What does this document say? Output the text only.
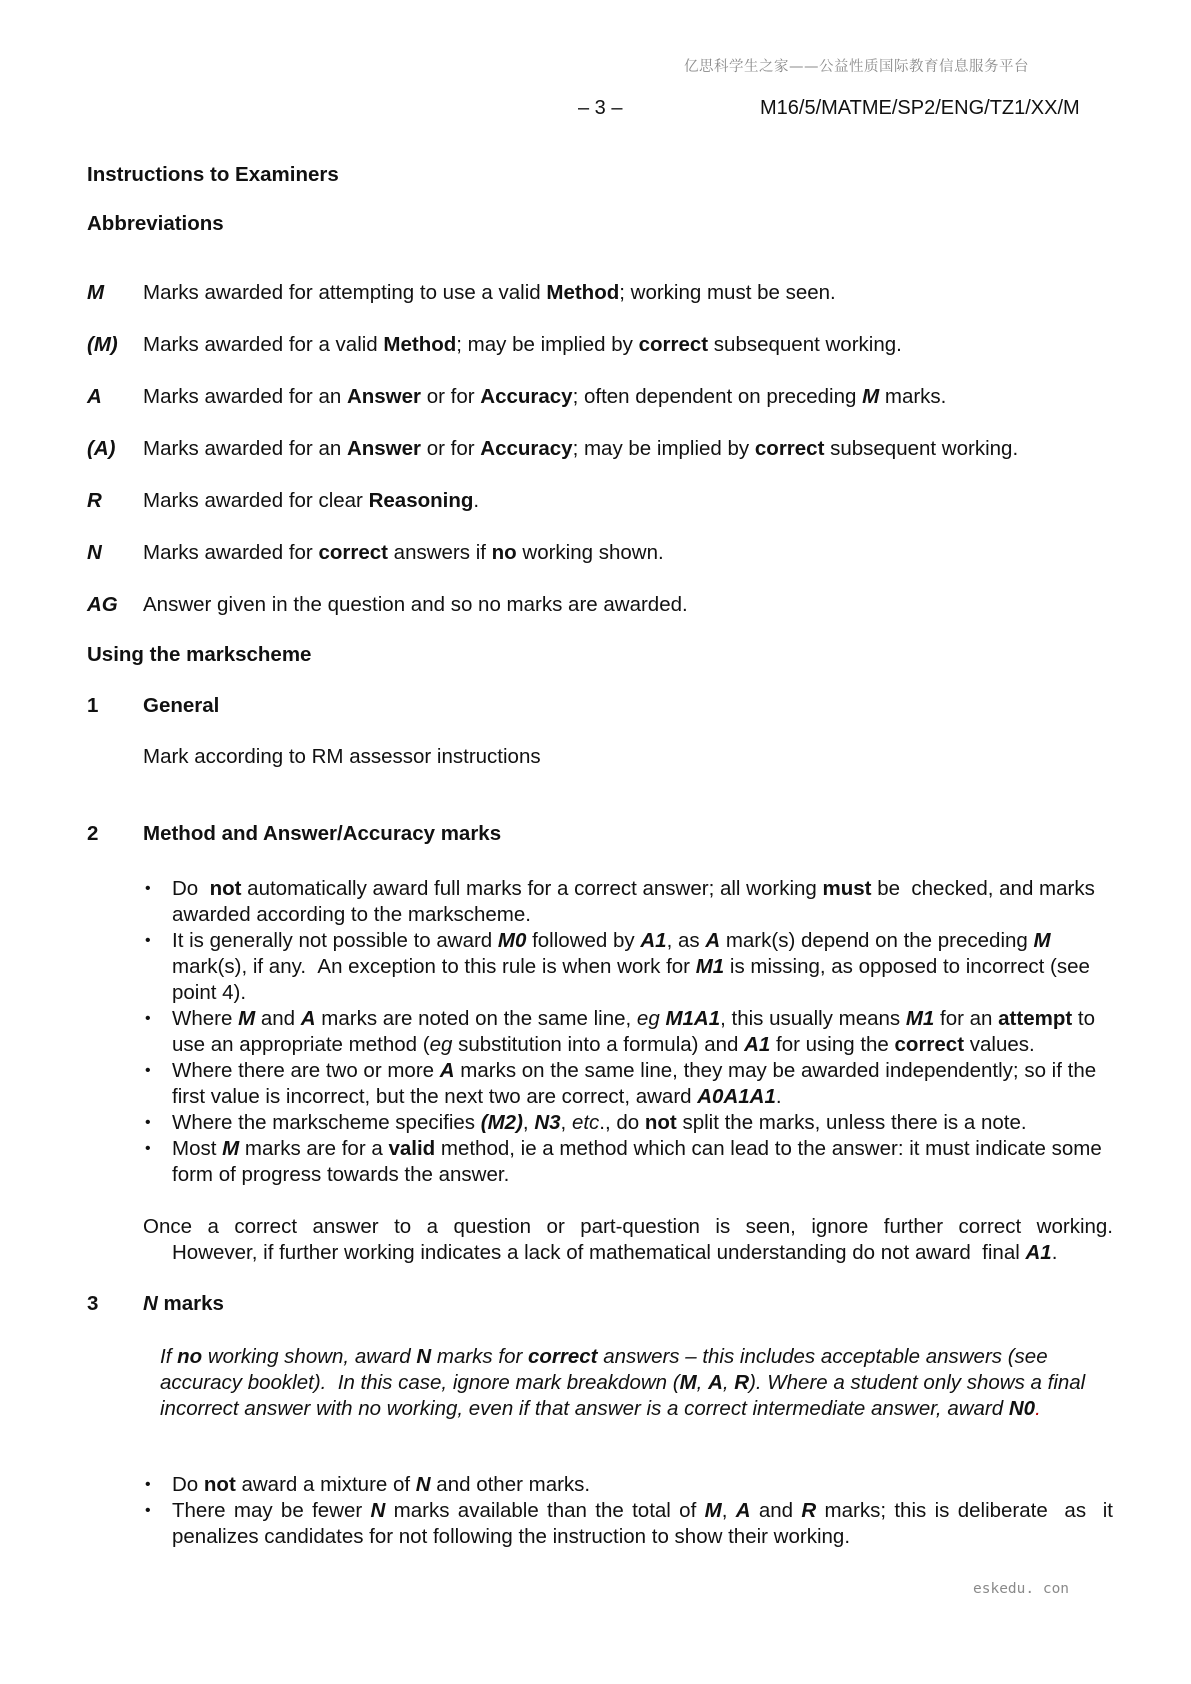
亿思科学生之家——公益性质国际教育信息服务平台
– 3 –	M16/5/MATME/SP2/ENG/TZ1/XX/M
Instructions to Examiners
Abbreviations
M Marks awarded for attempting to use a valid Method; working must be seen.
(M) Marks awarded for a valid Method; may be implied by correct subsequent working.
A Marks awarded for an Answer or for Accuracy; often dependent on preceding M marks.
(A) Marks awarded for an Answer or for Accuracy; may be implied by correct subsequent working.
R Marks awarded for clear Reasoning.
N Marks awarded for correct answers if no working shown.
AG Answer given in the question and so no marks are awarded.
Using the markscheme
1 General
Mark according to RM assessor instructions
2 Method and Answer/Accuracy marks
• Do  not automatically award full marks for a correct answer; all working must be  checked, and marks awarded according to the markscheme.
• It is generally not possible to award M0 followed by A1, as A mark(s) depend on the preceding M mark(s), if any.  An exception to this rule is when work for M1 is missing, as opposed to incorrect (see point 4).
• Where M and A marks are noted on the same line, eg M1A1, this usually means M1 for an attempt to use an appropriate method (eg substitution into a formula) and A1 for using the correct values.
• Where there are two or more A marks on the same line, they may be awarded independently; so if the first value is incorrect, but the next two are correct, award A0A1A1.
• Where the markscheme specifies (M2), N3, etc., do not split the marks, unless there is a note.
• Most M marks are for a valid method, ie a method which can lead to the answer: it must indicate some form of progress towards the answer.
Once a correct answer to a question or part-question is seen, ignore further correct working.
However, if further working indicates a lack of mathematical understanding do not award  final A1.
3 N marks
If no working shown, award N marks for correct answers – this includes acceptable answers (see accuracy booklet).  In this case, ignore mark breakdown (M, A, R). Where a student only shows a final incorrect answer with no working, even if that answer is a correct intermediate answer, award N0.
• Do not award a mixture of N and other marks.
• There may be fewer N marks available than the total of M, A and R marks; this is deliberate  as  it penalizes candidates for not following the instruction to show their working.
eskedu. con
